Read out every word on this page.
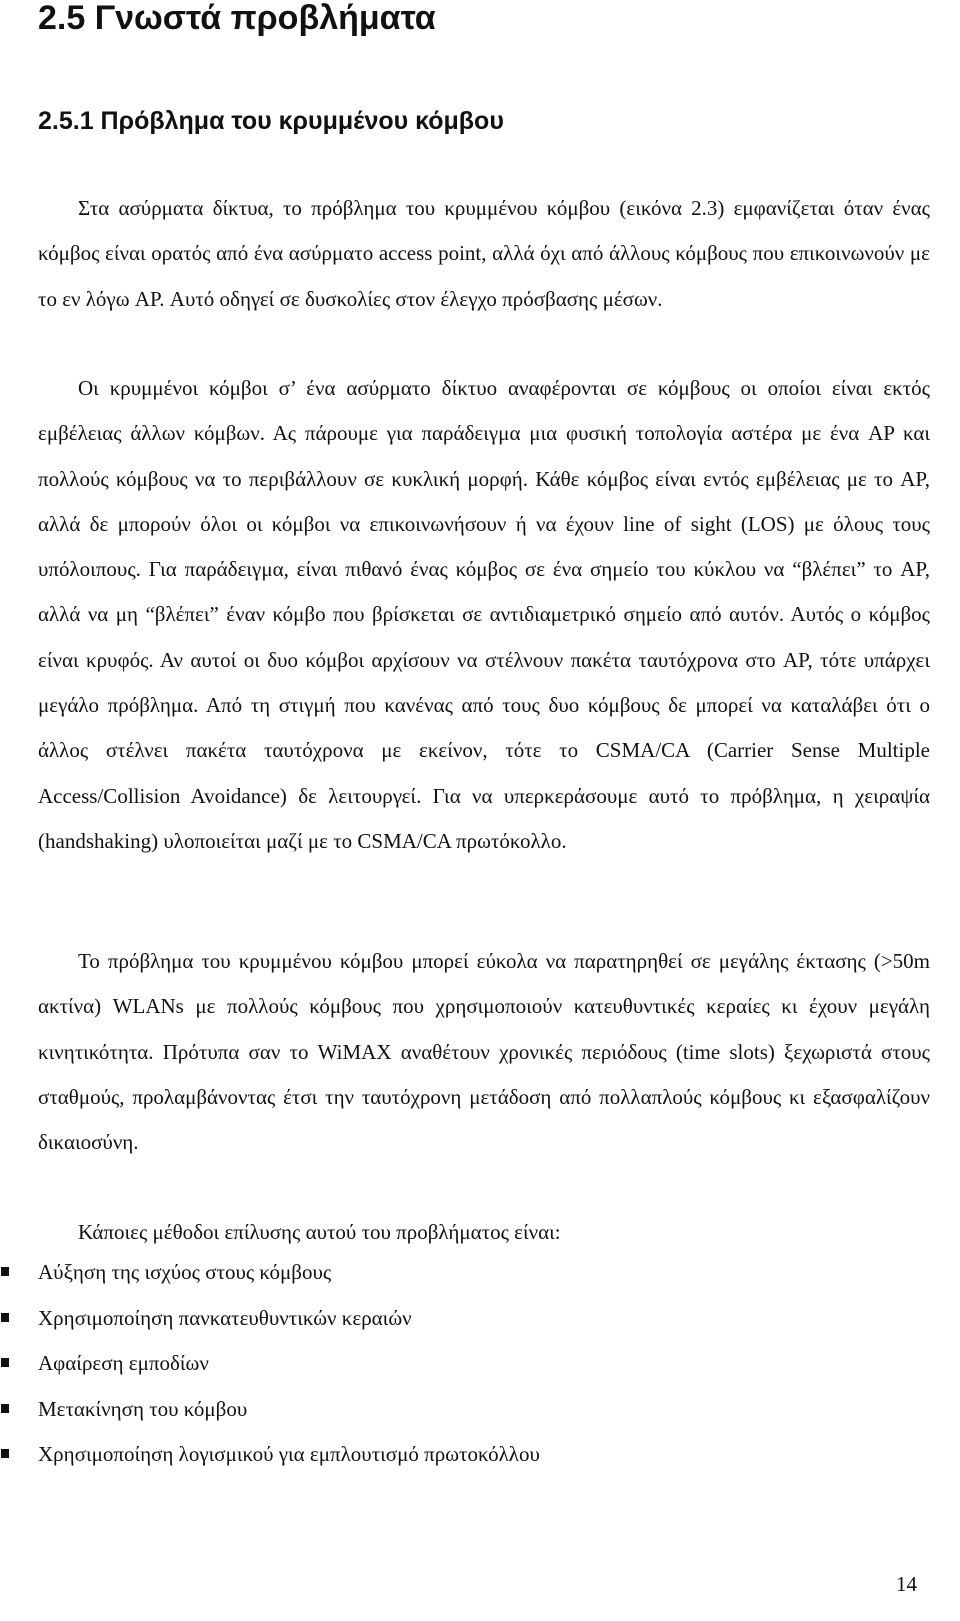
2.5 Γνωστά προβλήματα
2.5.1 Πρόβλημα του κρυμμένου κόμβου

Στα ασύρματα δίκτυα, το πρόβλημα του κρυμμένου κόμβου (εικόνα 2.3) εμφανίζεται όταν ένας κόμβος είναι ορατός από ένα ασύρματο access point, αλλά όχι από άλλους κόμβους που επικοινωνούν με το εν λόγω AP. Αυτό οδηγεί σε δυσκολίες στον έλεγχο πρόσβασης μέσων.

Οι κρυμμένοι κόμβοι σ’ ένα ασύρματο δίκτυο αναφέρονται σε κόμβους οι οποίοι είναι εκτός εμβέλειας άλλων κόμβων. Ας πάρουμε για παράδειγμα μια φυσική τοπολογία αστέρα με ένα AP και πολλούς κόμβους να το περιβάλλουν σε κυκλική μορφή. Κάθε κόμβος είναι εντός εμβέλειας με το AP, αλλά δε μπορούν όλοι οι κόμβοι να επικοινωνήσουν ή να έχουν line of sight (LOS) με όλους τους υπόλοιπους. Για παράδειγμα, είναι πιθανό ένας κόμβος σε ένα σημείο του κύκλου να “βλέπει” το AP, αλλά να μη “βλέπει” έναν κόμβο που βρίσκεται σε αντιδιαμετρικό σημείο από αυτόν. Αυτός ο κόμβος είναι κρυφός. Αν αυτοί οι δυο κόμβοι αρχίσουν να στέλνουν πακέτα ταυτόχρονα στο AP, τότε υπάρχει μεγάλο πρόβλημα. Από τη στιγμή που κανένας από τους δυο κόμβους δε μπορεί να καταλάβει ότι ο άλλος στέλνει πακέτα ταυτόχρονα με εκείνον, τότε το CSMA/CA (Carrier Sense Multiple Access/Collision Avoidance) δε λειτουργεί. Για να υπερκεράσουμε αυτό το πρόβλημα, η χειραψία (handshaking) υλοποιείται μαζί με το CSMA/CA πρωτόκολλο.

Το πρόβλημα του κρυμμένου κόμβου μπορεί εύκολα να παρατηρηθεί σε μεγάλης έκτασης (>50m ακτίνα) WLANs με πολλούς κόμβους που χρησιμοποιούν κατευθυντικές κεραίες κι έχουν μεγάλη κινητικότητα. Πρότυπα σαν το WiMAX αναθέτουν χρονικές περιόδους (time slots) ξεχωριστά στους σταθμούς, προλαμβάνοντας έτσι την ταυτόχρονη μετάδοση από πολλαπλούς κόμβους κι εξασφαλίζουν δικαιοσύνη.

Κάποιες μέθοδοι επίλυσης αυτού του προβλήματος είναι:

Αύξηση της ισχύος στους κόμβους
Χρησιμοποίηση πανκατευθυντικών κεραιών
Αφαίρεση εμποδίων
Μετακίνηση του κόμβου
Χρησιμοποίηση λογισμικού για εμπλουτισμό πρωτοκόλλου
14
